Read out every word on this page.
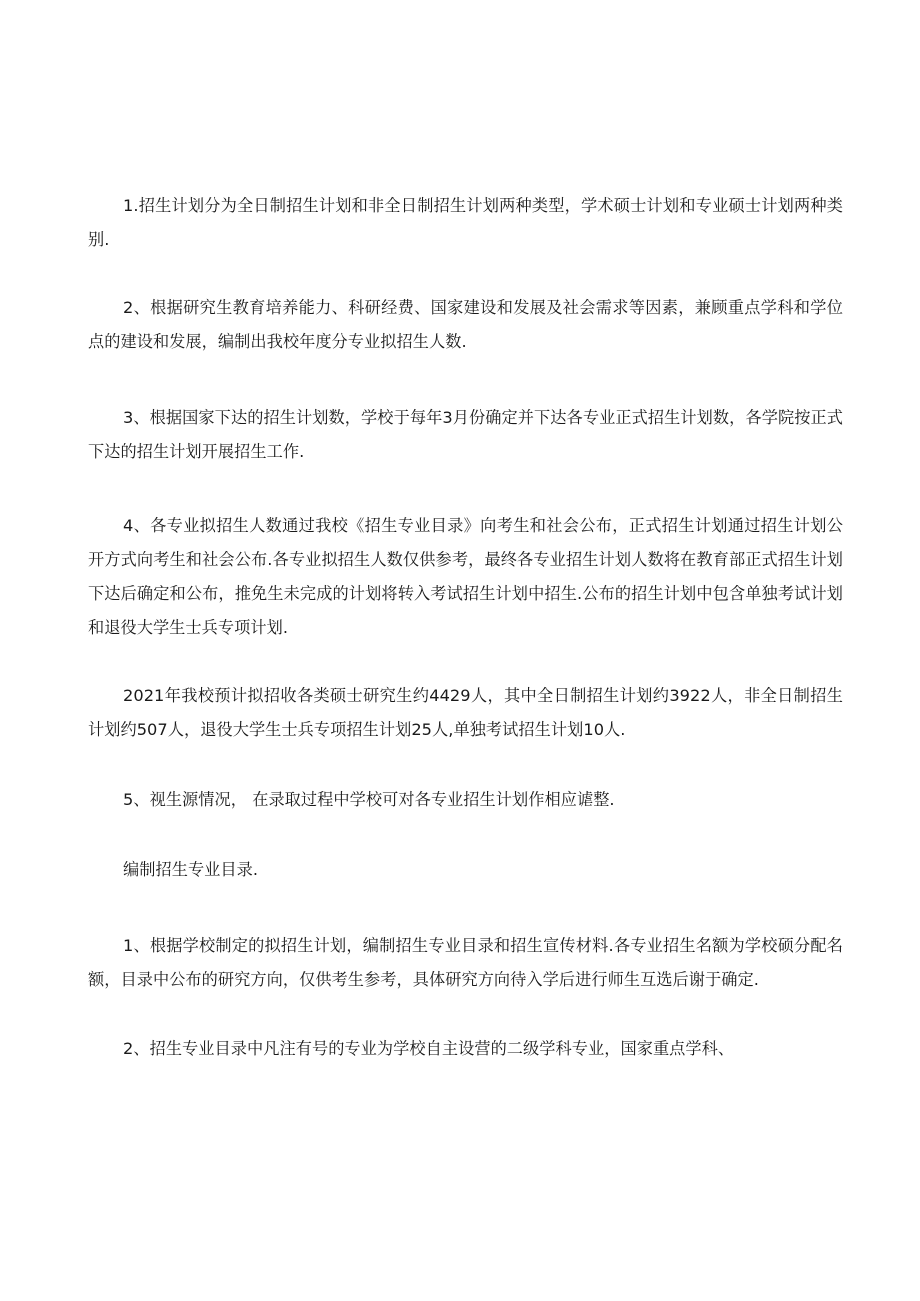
1.招生计划分为全日制招生计划和非全日制招生计划两种类型，学术硕士计划和专业硕士计划两种类别.

2、根据研究生教育培养能力、科研经费、国家建设和发展及社会需求等因素，兼顾重点学科和学位点的建设和发展，编制出我校年度分专业拟招生人数.

3、根据国家下达的招生计划数，学校于每年3月份确定并下达各专业正式招生计划数，各学院按正式下达的招生计划开展招生工作.

4、各专业拟招生人数通过我校《招生专业目录》向考生和社会公布，正式招生计划通过招生计划公开方式向考生和社会公布.各专业拟招生人数仅供参考，最终各专业招生计划人数将在教育部正式招生计划下达后确定和公布，推免生未完成的计划将转入考试招生计划中招生.公布的招生计划中包含单独考试计划和退役大学生士兵专项计划.

2021年我校预计拟招收各类硕士研究生约4429人，其中全日制招生计划约3922人，非全日制招生计划约507人，退役大学生士兵专项招生计划25人,单独考试招生计划10人.

5、视生源情况， 在录取过程中学校可对各专业招生计划作相应谑整.

编制招生专业目录.

1、根据学校制定的拟招生计划，编制招生专业目录和招生宣传材料.各专业招生名额为学校硕分配名额，目录中公布的研究方向，仅供考生参考，具体研究方向待入学后进行师生互选后谢于确定.

2、招生专业目录中凡注有号的专业为学校自主设营的二级学科专业，国家重点学科、
